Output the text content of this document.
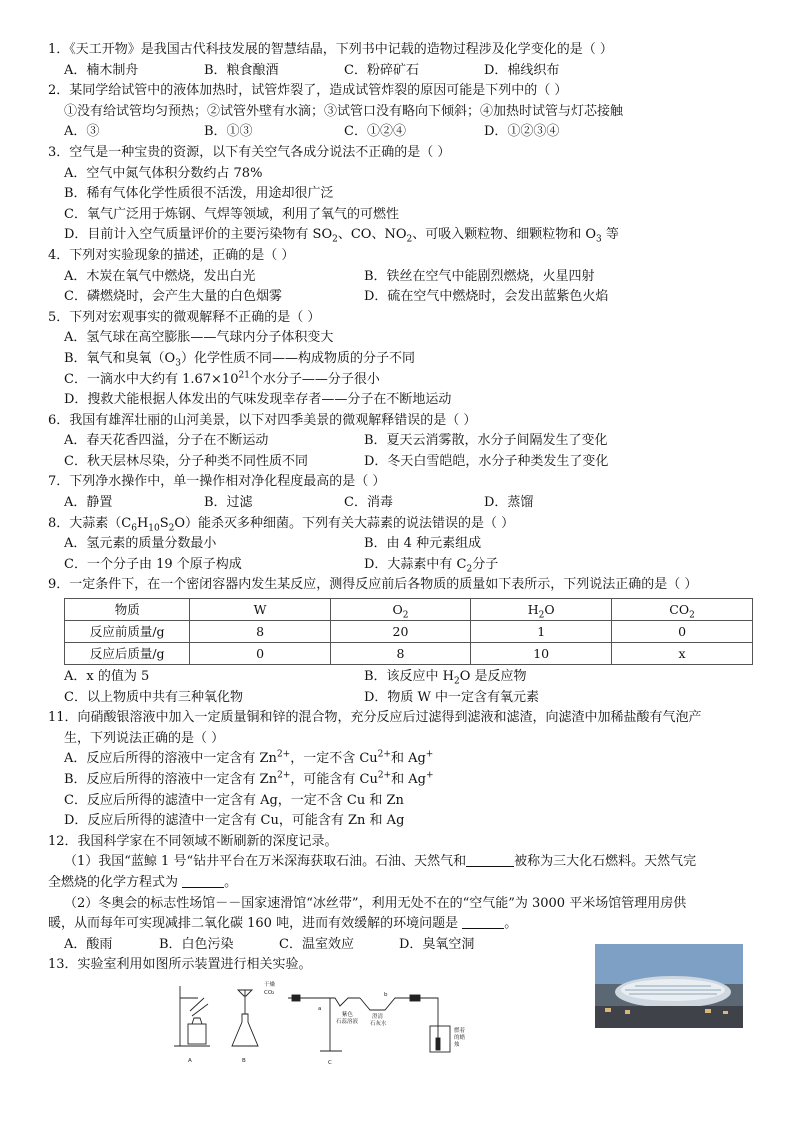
1．《天工开物》是我国古代科技发展的智慧结晶，下列书中记载的造物过程涉及化学变化的是（ ）
A．楠木制舟	B．粮食酿酒	C．粉碎矿石	D．棉线织布
2．某同学给试管中的液体加热时，试管炸裂了，造成试管炸裂的原因可能是下列中的（ ）
①没有给试管均匀预热；②试管外壁有水滴；③试管口没有略向下倾斜；④加热时试管与灯芯接触
A．③	B．①③	C．①②④	D．①②③④
3．空气是一种宝贵的资源，以下有关空气各成分说法不正确的是（ ）
A．空气中氮气体积分数约占 78%
B．稀有气体化学性质很不活泼，用途却很广泛
C．氧气广泛用于炼钢、气焊等领域，利用了氧气的可燃性
D．目前计入空气质量评价的主要污染物有 $SO_2$、CO、$NO_2$、可吸入颗粒物、细颗粒物和 $O_3$ 等
4．下列对实验现象的描述，正确的是（ ）
A．木炭在氧气中燃烧，发出白光	B．铁丝在空气中能剧烈燃烧，火星四射
C．磷燃烧时，会产生大量的白色烟雾	D．硫在空气中燃烧时，会发出蓝紫色火焰
5．下列对宏观事实的微观解释不正确的是（ ）
A．氢气球在高空膨胀——气球内分子体积变大
B．氧气和臭氧$(O_3)$化学性质不同——构成物质的分子不同
C．一滴水中大约有 $1.67\times 10^{21}$个水分子——分子很小
D．搜救犬能根据人体发出的气味发现幸存者——分子在不断地运动
6．我国有雄浑壮丽的山河美景，以下对四季美景的微观解释错误的是（ ）
A．春天花香四溢，分子在不断运动	B．夏天云消雾散，水分子间隔发生了变化
C．秋天层林尽染，分子种类不同性质不同	D．冬天白雪皑皑，水分子种类发生了变化
7．下列净水操作中，单一操作相对净化程度最高的是（ ）
A．静置	B．过滤	C．消毒	D．蒸馏
8．大蒜素$(C_6H_{10}S_2O)$能杀灭多种细菌。下列有关大蒜素的说法错误的是（ ）
A．氢元素的质量分数最小	B．由 4 种元素组成
C．一个分子由 19 个原子构成	D．大蒜素中有 $C_2$分子
9．一定条件下，在一个密闭容器内发生某反应，测得反应前后各物质的质量如下表所示，下列说法正确的是（ ）
物质	W	$O_2$	$H_2O$	$CO_2$
反应前质量/g	8	20	1	0
反应后质量/g	0	8	10	x
A．x 的值为 5	B．该反应中 $H_2O$ 是反应物
C．以上物质中共有三种氧化物	D．物质 W 中一定含有氧元素
11．向硝酸银溶液中加入一定质量铜和锌的混合物，充分反应后过滤得到滤液和滤渣，向滤渣中加稀盐酸有气泡产
生，下列说法正确的是（ ）
A．反应后所得的溶液中一定含有 $Zn^{2+}$，一定不含 $Cu^{2+}$和 Ag+
B．反应后所得的溶液中一定含有 $Zn^{2+}$，可能含有 $Cu^{2+}$和 Ag+
C．反应后所得的滤渣中一定含有 Ag，一定不含 Cu 和 Zn
D．反应后所得的滤渣中一定含有 Cu，可能含有 Zn 和 Ag
12．我国科学家在不同领域不断刷新的深度记录。
（1）我国“蓝鲸 1 号“钻井平台在万米深海获取石油。石油、天然气和	被称为三大化石燃料。天然气完
全燃烧的化学方程式为	。
（2）冬奥会的标志性场馆－－国家速滑馆“冰丝带”，利用无处不在的“空气能”为 3000 平米场馆管理用房供
暖，从而每年可实现减排二氧化碳 160 吨，进而有效缓解的环境问题是	。
A．酸雨	B．白色污染	C．温室效应	D．臭氧空洞
13．实验室利用如图所示装置进行相关实验。
A	B	C
干燥
CO₂
a
紫色
石蕊溶液
b
澄清
石灰水
燃着
的蜡
烛
